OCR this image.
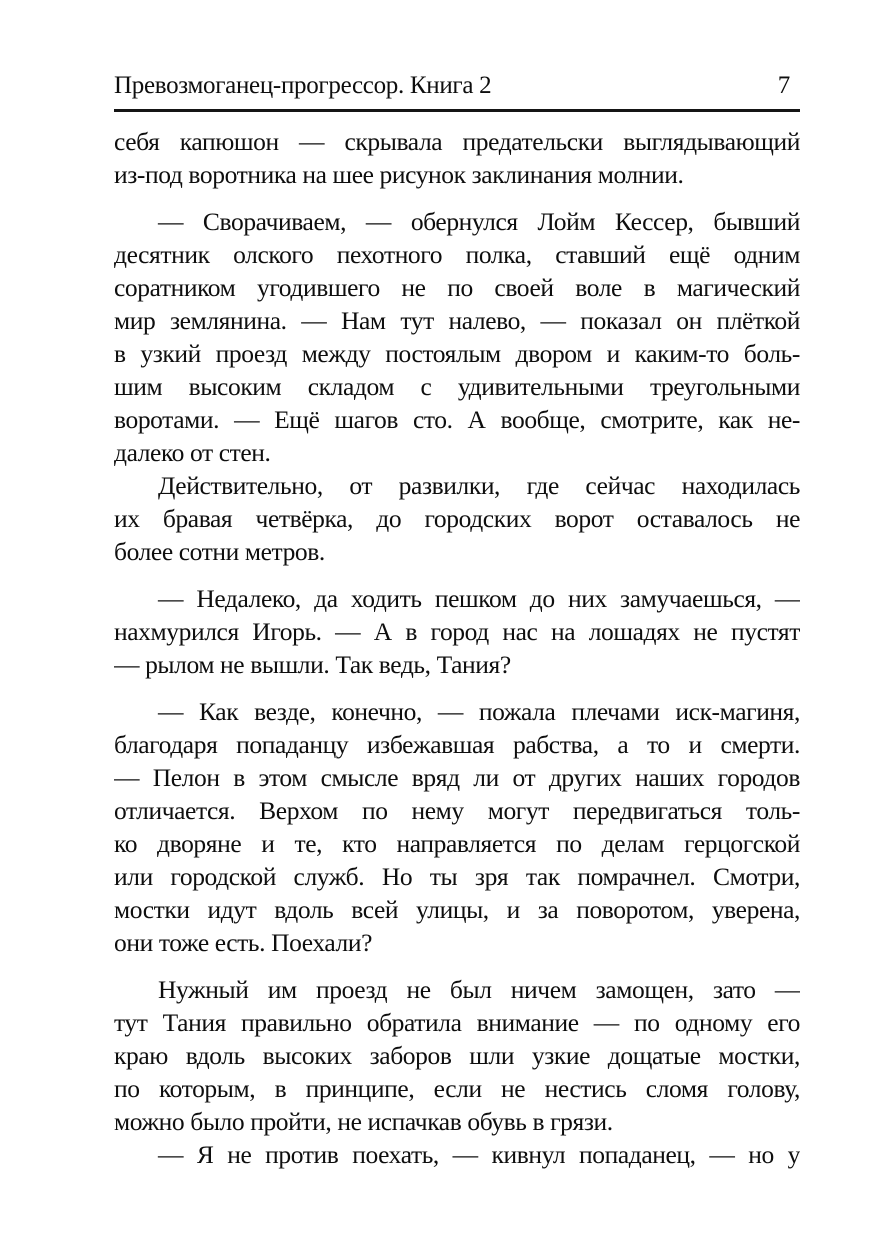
Превозмоганец-прогрессор. Книга 2	7

себя капюшон — скрывала предательски выглядывающий
из-под воротника на шее рисунок заклинания молнии.

— Сворачиваем, — обернулся Лойм Кессер, бывший
десятник олского пехотного полка, ставший ещё одним
соратником угодившего не по своей воле в магический
мир землянина. — Нам тут налево, — показал он плёткой
в узкий проезд между постоялым двором и каким-то боль-
шим высоким складом с удивительными треугольными
воротами. — Ещё шагов сто. А вообще, смотрите, как не-
далеко от стен.

Действительно, от развилки, где сейчас находилась
их бравая четвёрка, до городских ворот оставалось не
более сотни метров.

— Недалеко, да ходить пешком до них замучаешься, —
нахмурился Игорь. — А в город нас на лошадях не пустят
— рылом не вышли. Так ведь, Тания?

— Как везде, конечно, — пожала плечами иск-магиня,
благодаря попаданцу избежавшая рабства, а то и смерти.
— Пелон в этом смысле вряд ли от других наших городов
отличается. Верхом по нему могут передвигаться толь-
ко дворяне и те, кто направляется по делам герцогской
или городской служб. Но ты зря так помрачнел. Смотри,
мостки идут вдоль всей улицы, и за поворотом, уверена,
они тоже есть. Поехали?

Нужный им проезд не был ничем замощен, зато —
тут Тания правильно обратила внимание — по одному его
краю вдоль высоких заборов шли узкие дощатые мостки,
по которым, в принципе, если не нестись сломя голову,
можно было пройти, не испачкав обувь в грязи.

— Я не против поехать, — кивнул попаданец, — но у
